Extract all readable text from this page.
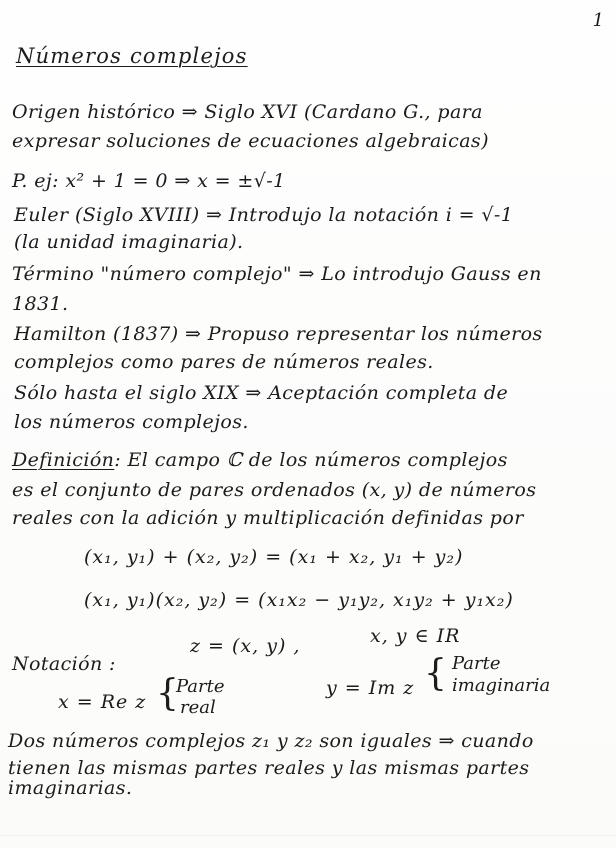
1
Números complejos
Origen histórico ⇒ Siglo XVI (Cardano G., para
expresar soluciones de ecuaciones algebraicas)
P. ej: x² + 1 = 0 ⇒ x = ±√-1
Euler (Siglo XVIII) ⇒ Introdujo la notación i = √-1
(la unidad imaginaria).
Término "número complejo" ⇒ Lo introdujo Gauss en
1831.
Hamilton (1837) ⇒ Propuso representar los números
complejos como pares de números reales.
Sólo hasta el siglo XIX ⇒ Aceptación completa de
los números complejos.
Definición: El campo ℂ de los números complejos
es el conjunto de pares ordenados (x, y) de números
reales con la adición y multiplicación definidas por
(x₁, y₁) + (x₂, y₂) = (x₁ + x₂, y₁ + y₂)
(x₁, y₁)(x₂, y₂) = (x₁x₂ − y₁y₂, x₁y₂ + y₁x₂)
z = (x, y) ,	x, y ∈ IR
Notación :
x = Re z {
Parte
real
y = Im z { Parte
imaginaria
Dos números complejos z₁ y z₂ son iguales ⇒ cuando
tienen las mismas partes reales y las mismas partes
imaginarias.
